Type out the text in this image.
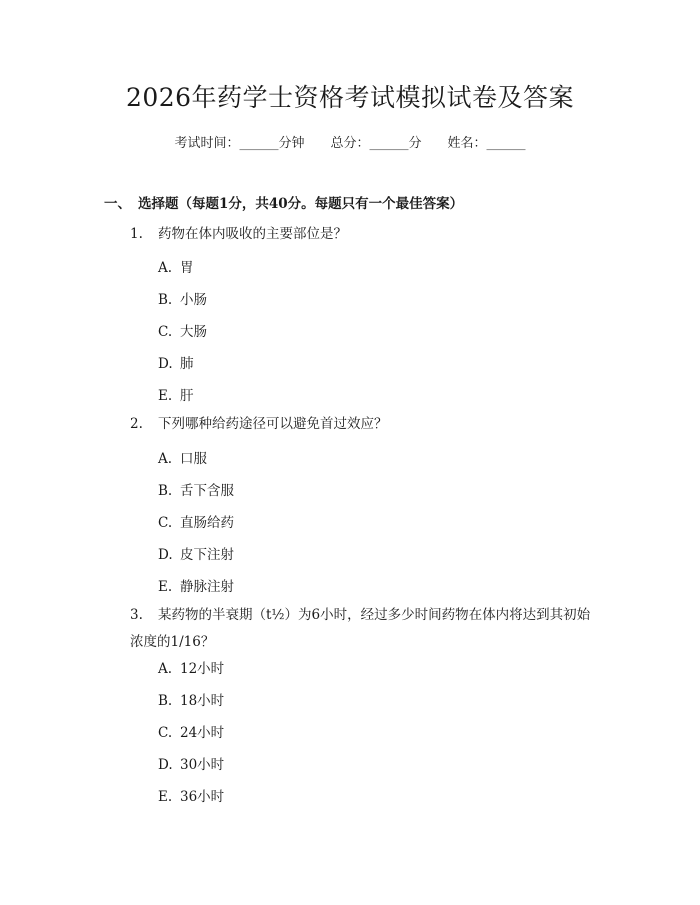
2026年药学士资格考试模拟试卷及答案
考试时间：______分钟 总分：______分 姓名：______
一、 选择题（每题1分，共40分。每题只有一个最佳答案）
1. 药物在体内吸收的主要部位是？
A. 胃
B. 小肠
C. 大肠
D. 肺
E. 肝
2. 下列哪种给药途径可以避免首过效应？
A. 口服
B. 舌下含服
C. 直肠给药
D. 皮下注射
E. 静脉注射
3. 某药物的半衰期（t½）为6小时，经过多少时间药物在体内将达到其初始浓度的1/16？
A. 12小时
B. 18小时
C. 24小时
D. 30小时
E. 36小时
